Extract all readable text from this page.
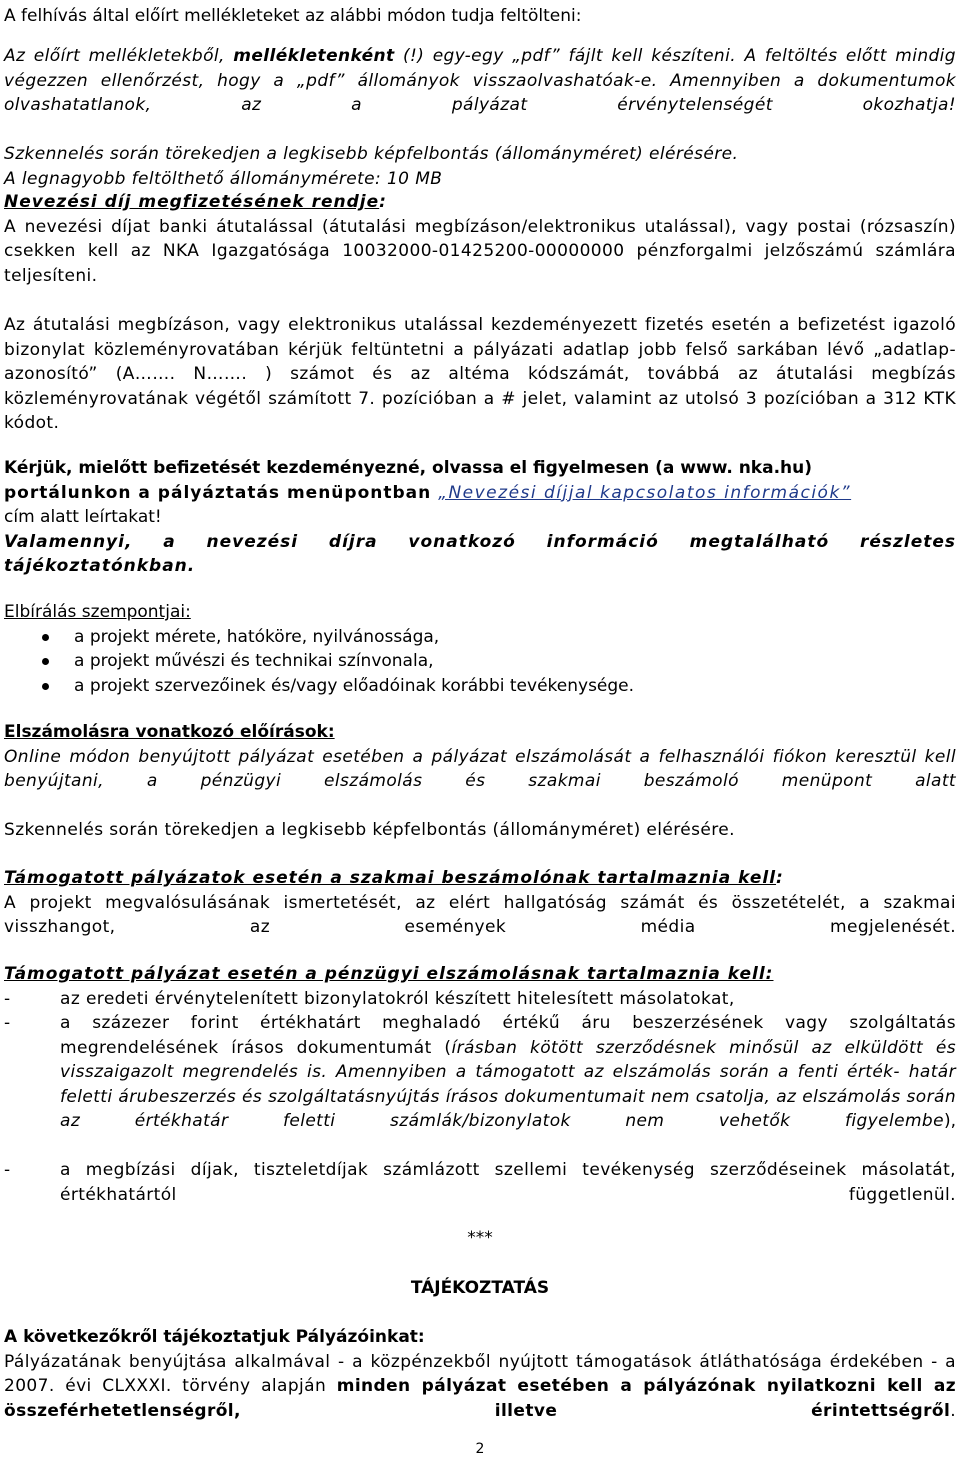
A felhívás által előírt mellékleteket az alábbi módon tudja feltölteni:

Az előírt mellékletekből, mellékletenként (!) egy-egy „pdf” fájlt kell készíteni. A feltöltés előtt mindig végezzen ellenőrzést, hogy a „pdf” állományok visszaolvashatóak-e. Amennyiben a dokumentumok olvashatatlanok, az a pályázat érvénytelenségét okozhatja!
Szkennelés során törekedjen a legkisebb képfelbontás (állományméret) elérésére.
A legnagyobb feltölthető állománymérete: 10 MB
Nevezési díj megfizetésének rendje:
A nevezési díjat banki átutalással (átutalási megbízáson/elektronikus utalással), vagy postai (rózsaszín) csekken kell az NKA Igazgatósága 10032000-01425200-00000000 pénzforgalmi jelzőszámú számlára teljesíteni.
Az átutalási megbízáson, vagy elektronikus utalással kezdeményezett fizetés esetén a befizetést igazoló bizonylat közleményrovatában kérjük feltüntetni a pályázati adatlap jobb felső sarkában lévő „adatlap-azonosító” (A……. N……. ) számot és az altéma kódszámát, továbbá az átutalási megbízás közleményrovatának végétől számított 7. pozícióban a # jelet, valamint az utolsó 3 pozícióban a 312 KTK kódot.
Kérjük, mielőtt befizetését kezdeményezné, olvassa el figyelmesen (a www. nka.hu)
portálunkon a pályáztatás menüpontban „Nevezési díjjal kapcsolatos információk”
cím alatt leírtakat!
Valamennyi, a nevezési díjra vonatkozó információ megtalálható részletes tájékoztatónkban.
Elbírálás szempontjai:
a projekt mérete, hatóköre, nyilvánossága,
a projekt művészi és technikai színvonala,
a projekt szervezőinek és/vagy előadóinak korábbi tevékenysége.
Elszámolásra vonatkozó előírások:
Online módon benyújtott pályázat esetében a pályázat elszámolását a felhasználói fiókon keresztül kell benyújtani, a pénzügyi elszámolás és szakmai beszámoló menüpont alatt
Szkennelés során törekedjen a legkisebb képfelbontás (állományméret) elérésére.
Támogatott pályázatok esetén a szakmai beszámolónak tartalmaznia kell:
A projekt megvalósulásának ismertetését, az elért hallgatóság számát és összetételét, a szakmai visszhangot, az események média megjelenését.
Támogatott pályázat esetén a pénzügyi elszámolásnak tartalmaznia kell:
-	az eredeti érvénytelenített bizonylatokról készített hitelesített másolatokat,
-	a százezer forint értékhatárt meghaladó értékű áru beszerzésének vagy szolgáltatás megrendelésének írásos dokumentumát (írásban kötött szerződésnek minősül az elküldött és visszaigazolt megrendelés is. Amennyiben a támogatott az elszámolás során a fenti érték- határ feletti árubeszerzés és szolgáltatásnyújtás írásos dokumentumait nem csatolja, az elszámolás során az értékhatár feletti számlák/bizonylatok nem vehetők figyelembe),
-	a megbízási díjak, tiszteletdíjak számlázott szellemi tevékenység szerződéseinek másolatát, értékhatártól függetlenül.
***
TÁJÉKOZTATÁS
A következőkről tájékoztatjuk Pályázóinkat:
Pályázatának benyújtása alkalmával - a közpénzekből nyújtott támogatások átláthatósága érdekében - a 2007. évi CLXXXI. törvény alapján minden pályázat esetében a pályázónak nyilatkozni kell az összeférhetetlenségről, illetve érintettségről.
2
